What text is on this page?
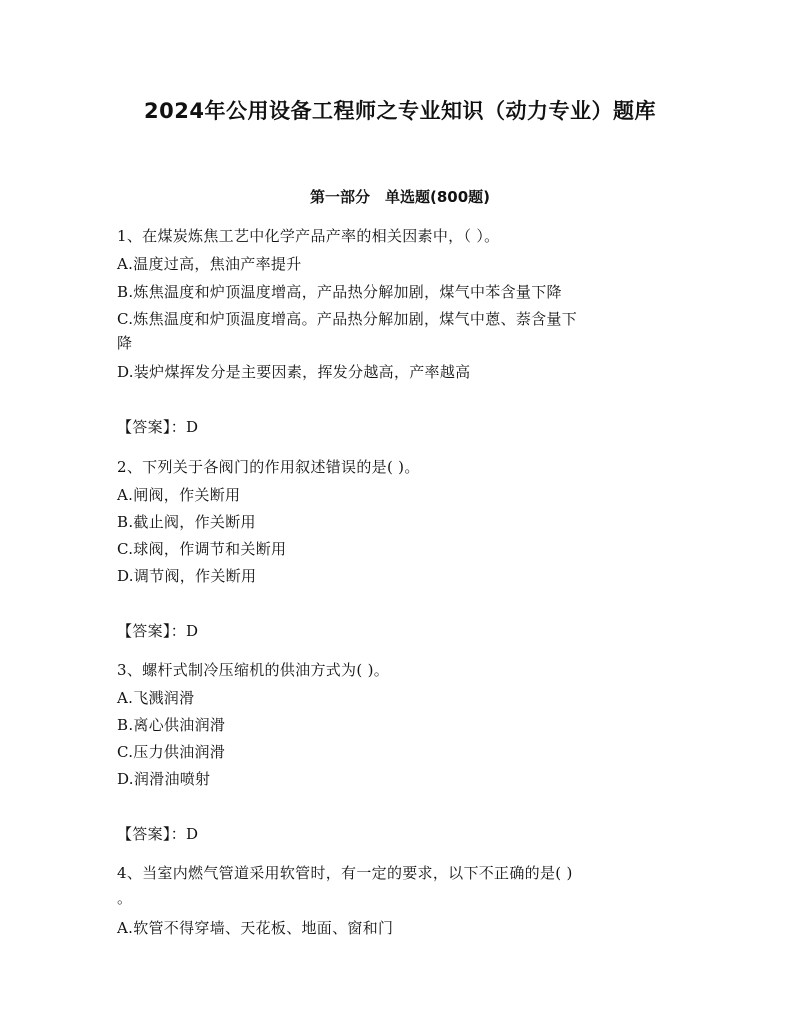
2024年公用设备工程师之专业知识（动力专业）题库
第一部分　单选题(800题)
1、在煤炭炼焦工艺中化学产品产率的相关因素中，（ ）。
A.温度过高，焦油产率提升
B.炼焦温度和炉顶温度增高，产品热分解加剧，煤气中苯含量下降
C.炼焦温度和炉顶温度增高。产品热分解加剧，煤气中蒽、萘含量下
降
D.装炉煤挥发分是主要因素，挥发分越高，产率越高
【答案】：D
2、下列关于各阀门的作用叙述错误的是( )。
A.闸阀，作关断用
B.截止阀，作关断用
C.球阀，作调节和关断用
D.调节阀，作关断用
【答案】：D
3、螺杆式制冷压缩机的供油方式为( )。
A.飞溅润滑
B.离心供油润滑
C.压力供油润滑
D.润滑油喷射
【答案】：D
4、当室内燃气管道采用软管时，有一定的要求，以下不正确的是( )
。
A.软管不得穿墙、天花板、地面、窗和门
